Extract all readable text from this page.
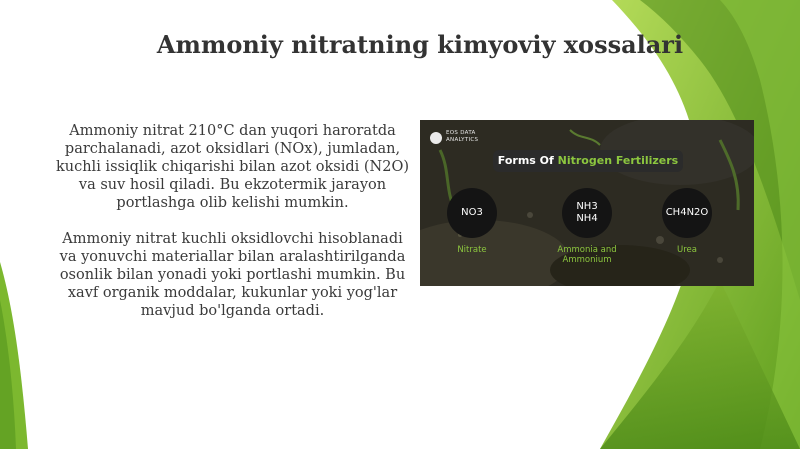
Ammoniy nitratning kimyoviy xossalari

Ammoniy nitrat 210°C dan yuqori haroratda parchalanadi, azot oksidlari (NOx), jumladan, kuchli issiqlik chiqarishi bilan azot oksidi (N2O) va suv hosil qiladi. Bu ekzotermik jarayon portlashga olib kelishi mumkin.

Ammoniy nitrat kuchli oksidlovchi hisoblanadi va yonuvchi materiallar bilan aralashtirilganda osonlik bilan yonadi yoki portlashi mumkin. Bu xavf organik moddalar, kukunlar yoki yog'lar mavjud bo'lganda ortadi.

EOS DATA ANALYTICS
Forms Of Nitrogen Fertilizers
NO3
Nitrate
NH3
NH4
Ammonia and Ammonium
CH4N2O
Urea
